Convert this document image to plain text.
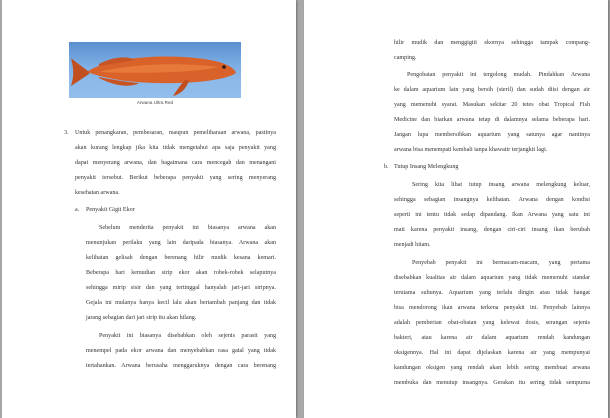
Arwana Ultra Red
3. Untuk penangkaran, pembesaran, maupun pemeliharaan arwana, pastinya
akan kurang lengkap jika kita tidak mengetahui apa saja penyakit yang
dapat menyerang arwana, dan bagaimana cara mencegah dan menangani
penyakit tersebut. Berikut beberapa penyakit yang sering menyerang
kesehatan arwana.
a. Penyakit Gigit Ekor
Sebelum menderita penyakit ini biasanya arwana akan
menunjukan perilaku yang lain daripada biasanya. Arwana akan
kelihatan gelisah dengan berenang hilir mudik kesana kemari.
Beberapa hari kemudian sirip ekor akan robek-robek selaputnya
sehingga mirip sisir dan yang tertinggal hanyalah jari-jari siripnya.
Gejala ini mulanya hanya kecil lalu akan bertambah panjang dan tidak
jarang sebagian dari jari sirip itu akan hilang.
Penyakit ini biasanya disebabkan oleh sejenis parasit yang
menempel pada ekor arwana dan menyebabkan rasa gatal yang tidak
tertahankan. Arwana berusaha menggaruknya dengan cara berenang
hilir mudik dan menggigiti ekornya sehingga tampak compang-
camping.
Pengobatan penyakit ini tergolong mudah. Pindahkan Arwana
ke dalam aquarium lain yang bersih (steril) dan sudah diisi dengan air
yang memenuhi syarat. Masukan sekitar 20 tetes obat Tropical Fish
Medicine dan biarkan arwana tetap di dalamnya selama beberapa hari.
Jangan lupa membersihkan aquarium yang satunya agar nantinya
arwana bisa menempati kembali tanpa khawatir terjangkit lagi.
b. Tutup Insang Melengkung
Sering kita lihat tutup insang arwana melengkung keluar,
sehingga sebagian insangnya kelihatan. Arwana dengan kondisi
seperti ini tentu tidak sedap dipandang. Ikan Arwana yang satu ini
mati karena penyakit insang, dengan ciri-ciri insang ikan berubah
menjadi hitam.
Penyebab penyakit ini bermacam-macam, yang pertama
disebabkan kualitas air dalam aquarium yang tidak memenuhi standar
terutama suhunya. Aquarium yang terlalu dingin atau tidak hangat
bisa mendorong ikan arwana terkena penyakit ini. Penyebab lainnya
adalah pemberian obat-obatan yang kelewat dosis, serangan sejenis
bakteri, atau karena air dalam aquarium rendah kandungan
oksigennya. Hal ini dapat dijelaskan karena air yang mempunyai
kandungan oksigen yang rendah akan lebih sering membuat arwana
membuka dan menutup insangnya. Gerakan itu sering tidak sempurna
